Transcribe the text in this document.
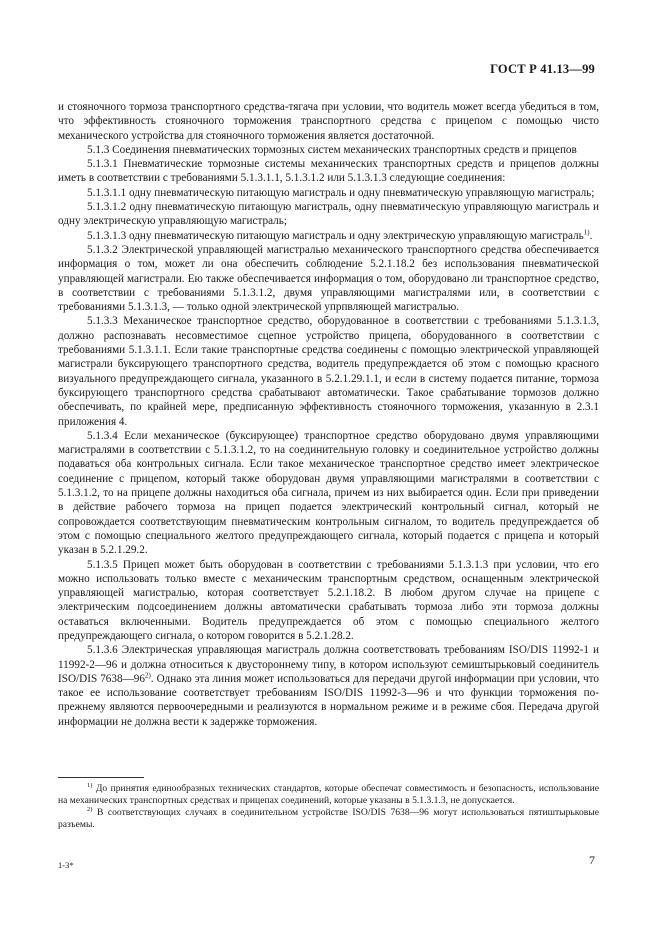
ГОСТ Р 41.13—99

и стояночного тормоза транспортного средства-тягача при условии, что водитель может всегда убедиться в том, что эффективность стояночного торможения транспортного средства с прицепом с помощью чисто механического устройства для стояночного торможения является достаточной.

5.1.3 Соединения пневматических тормозных систем механических транспортных средств и прицепов

5.1.3.1 Пневматические тормозные системы механических транспортных средств и прицепов должны иметь в соответствии с требованиями 5.1.3.1.1, 5.1.3.1.2 или 5.1.3.1.3 следующие соединения:

5.1.3.1.1 одну пневматическую питающую магистраль и одну пневматическую управляющую магистраль;

5.1.3.1.2 одну пневматическую питающую магистраль, одну пневматическую управляющую магистраль и одну электрическую управляющую магистраль;

5.1.3.1.3 одну пневматическую питающую магистраль и одну электрическую управляющую магистраль$^{1)}$.

5.1.3.2 Электрической управляющей магистралью механического транспортного средства обеспечивается информация о том, может ли она обеспечить соблюдение 5.2.1.18.2 без использования пневматической управляющей магистрали. Ею также обеспечивается информация о том, оборудовано ли транспортное средство, в соответствии с требованиями 5.1.3.1.2, двумя управляющими магистралями или, в соответствии с требованиями 5.1.3.1.3, — только одной электрической упрпвляющей магистралью.

5.1.3.3 Механическое транспортное средство, оборудованное в соответствии с требованиями 5.1.3.1.3, должно распознавать несовместимое сцепное устройство прицепа, оборудованного в соответствии с требованиями 5.1.3.1.1. Если такие транспортные средства соединены с помощью электрической управляющей магистрали буксирующего транспортного средства, водитель предупреждается об этом с помощью красного визуального предупреждающего сигнала, указанного в 5.2.1.29.1.1, и если в систему подается питание, тормоза буксирующего транспортного средства срабатывают автоматически. Такое срабатывание тормозов должно обеспечивать, по крайней мере, предписанную эффективность стояночного торможения, указанную в 2.3.1 приложения 4.

5.1.3.4 Если механическое (буксирующее) транспортное средство оборудовано двумя управляющими магистралями в соответствии с 5.1.3.1.2, то на соединительную головку и соединительное устройство должны подаваться оба контрольных сигнала. Если такое механическое транспортное средство имеет электрическое соединение с прицепом, который также оборудован двумя управляющими магистралями в соответствии с 5.1.3.1.2, то на прицепе должны находиться оба сигнала, причем из них выбирается один. Если при приведении в действие рабочего тормоза на прицеп подается электрический контрольный сигнал, который не сопровождается соответствующим пневматическим контрольным сигналом, то водитель предупреждается об этом с помощью специального желтого предупреждающего сигнала, который подается с прицепа и который указан в 5.2.1.29.2.

5.1.3.5 Прицеп может быть оборудован в соответствии с требованиями 5.1.3.1.3 при условии, что его можно использовать только вместе с механическим транспортным средством, оснащенным электрической управляющей магистралью, которая соответствует 5.2.1.18.2. В любом другом случае на прицепе с электрическим подсоединением должны автоматически срабатывать тормоза либо эти тормоза должны оставаться включенными. Водитель предупреждается об этом с помощью специального желтого предупреждающего сигнала, о котором говорится в 5.2.1.28.2.

5.1.3.6 Электрическая управляющая магистраль должна соответствовать требованиям ISO/DIS 11992-1 и 11992-2—96 и должна относиться к двустороннему типу, в котором используют семиштырьковый соединитель ISO/DIS 7638—96$^{2)}$. Однако эта линия может использоваться для передачи другой информации при условии, что такое ее использование соответствует требованиям ISO/DIS 11992-3—96 и что функции торможения по-прежнему являются первоочередными и реализуются в нормальном режиме и в режиме сбоя. Передача другой информации не должна вести к задержке торможения.

$^{1)}$ До принятия единообразных технических стандартов, которые обеспечат совместимость и безопасность, использование на механических транспортных средствах и прицепах соединений, которые указаны в 5.1.3.1.3, не допускается.

$^{2)}$ В соответствующих случаях в соединительном устройстве ISO/DIS 7638—96 могут использоваться пятиштырьковые разъемы.

1-3*	7
